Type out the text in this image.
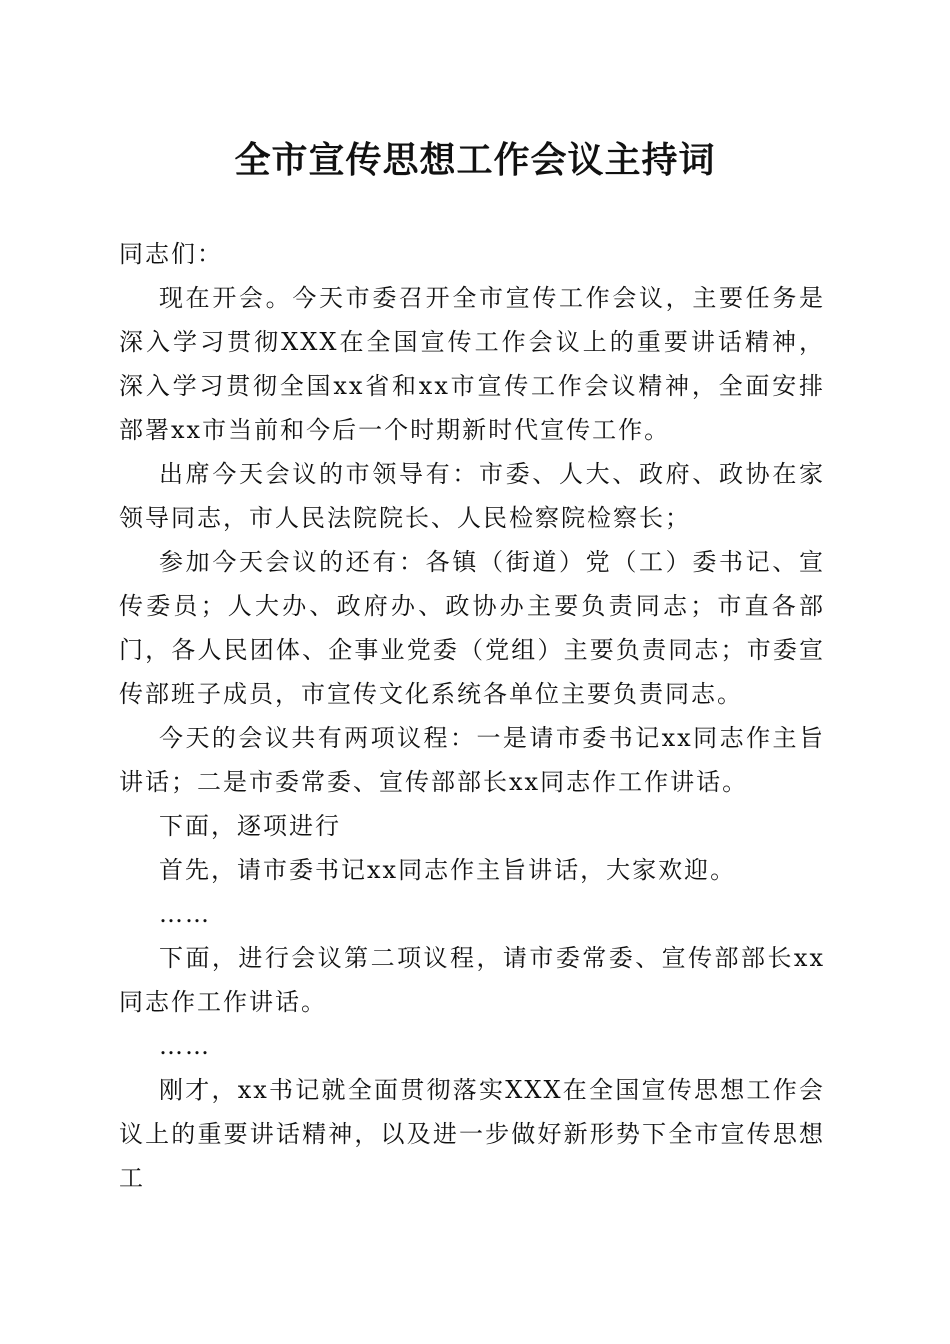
全市宣传思想工作会议主持词

同志们：

现在开会。今天市委召开全市宣传工作会议，主要任务是深入学习贯彻XXX在全国宣传工作会议上的重要讲话精神，深入学习贯彻全国xx省和xx市宣传工作会议精神，全面安排部署xx市当前和今后一个时期新时代宣传工作。

出席今天会议的市领导有：市委、人大、政府、政协在家领导同志，市人民法院院长、人民检察院检察长；

参加今天会议的还有：各镇（街道）党（工）委书记、宣传委员；人大办、政府办、政协办主要负责同志；市直各部门，各人民团体、企事业党委（党组）主要负责同志；市委宣传部班子成员，市宣传文化系统各单位主要负责同志。

今天的会议共有两项议程：一是请市委书记xx同志作主旨讲话；二是市委常委、宣传部部长xx同志作工作讲话。

下面，逐项进行

首先，请市委书记xx同志作主旨讲话，大家欢迎。

……

下面，进行会议第二项议程，请市委常委、宣传部部长xx同志作工作讲话。

……

刚才，xx书记就全面贯彻落实XXX在全国宣传思想工作会议上的重要讲话精神，以及进一步做好新形势下全市宣传思想工
